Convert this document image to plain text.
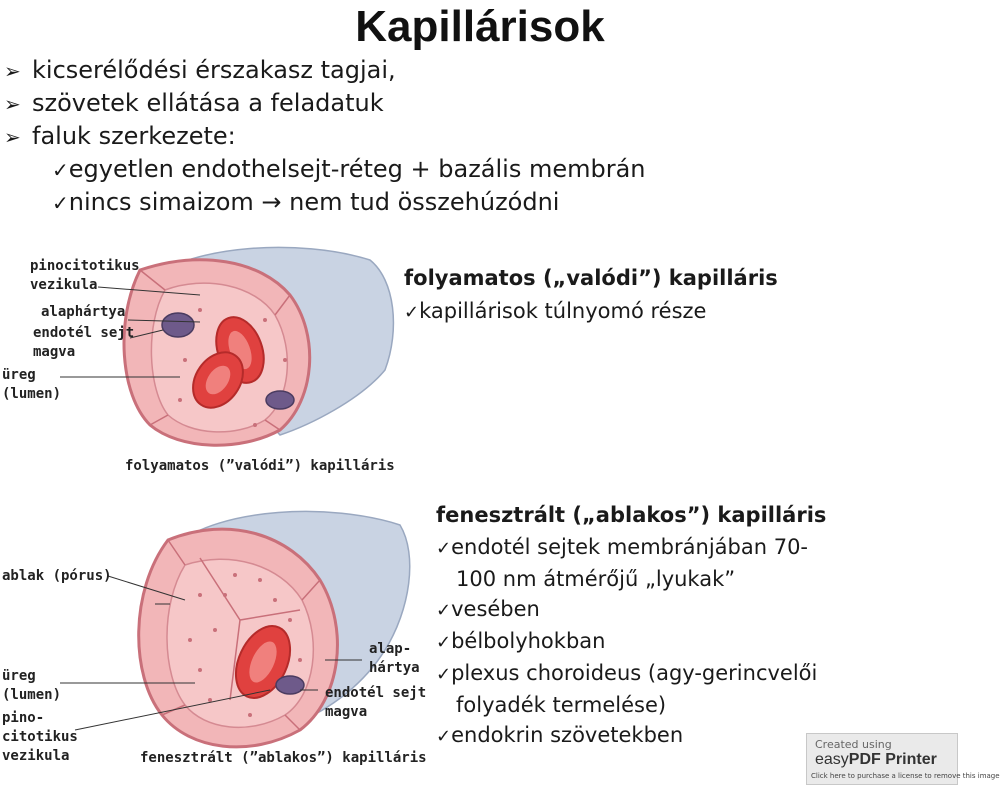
Kapillárisok
➢ kicserélődési érszakasz tagjai,
➢ szövetek ellátása a feladatuk
➢ faluk szerkezete:
✓egyetlen endothelsejt-réteg + bazális membrán
✓nincs simaizom → nem tud összehúzódni
pinocitotikus
vezikula
alaphártya
endotél sejt
magva
üreg
(lumen)
folyamatos (”valódi”) kapilláris
ablak (pórus)
üreg
(lumen)
pino-
citotikus
vezikula
alap-
hártya
endotél sejt
magva
fenesztrált (”ablakos”) kapilláris
folyamatos („valódi”) kapilláris
✓kapillárisok túlnyomó része
fenesztrált („ablakos”) kapilláris
✓endotél sejtek membránjában 70-
100 nm átmérőjű „lyukak”
✓vesében
✓bélbolyhokban
✓plexus choroideus (agy-gerincvelői
folyadék termelése)
✓endokrin szövetekben	Created using
easyPDF Printer
Click here to purchase a license to remove this image
